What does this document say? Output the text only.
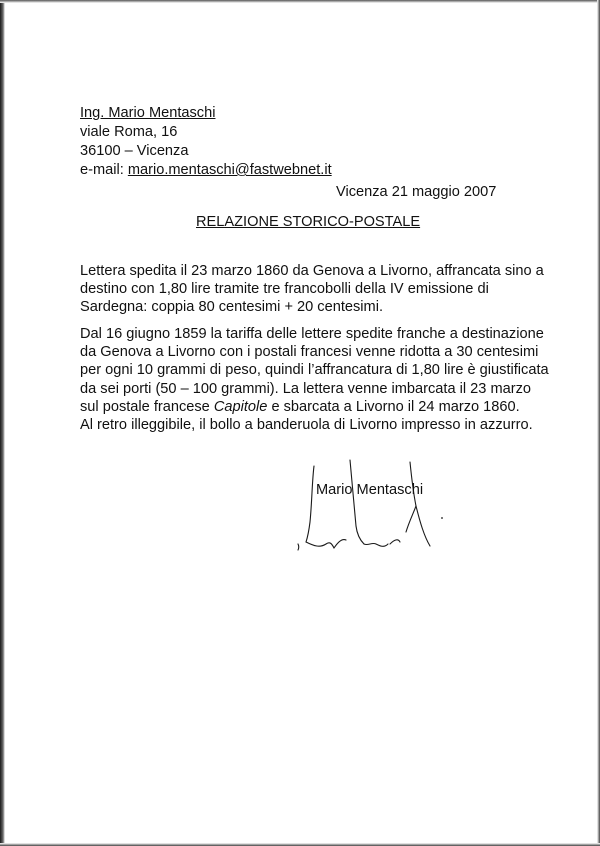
Ing. Mario Mentaschi
viale Roma, 16
36100 – Vicenza
e-mail: mario.mentaschi@fastwebnet.it
Vicenza 21 maggio 2007
RELAZIONE STORICO-POSTALE
Lettera spedita il 23 marzo 1860 da Genova a Livorno, affrancata sino a
destino con 1,80 lire tramite tre francobolli della IV emissione di
Sardegna: coppia 80 centesimi + 20 centesimi.
Dal 16 giugno 1859 la tariffa delle lettere spedite franche a destinazione
da Genova a Livorno con i postali francesi venne ridotta a 30 centesimi
per ogni 10 grammi di peso, quindi l’affrancatura di 1,80 lire è giustificata
da sei porti (50 – 100 grammi). La lettera venne imbarcata il 23 marzo
sul postale francese Capitole e sbarcata a Livorno il 24 marzo 1860.
Al retro illeggibile, il bollo a banderuola di Livorno impresso in azzurro.
Mario Mentaschi
